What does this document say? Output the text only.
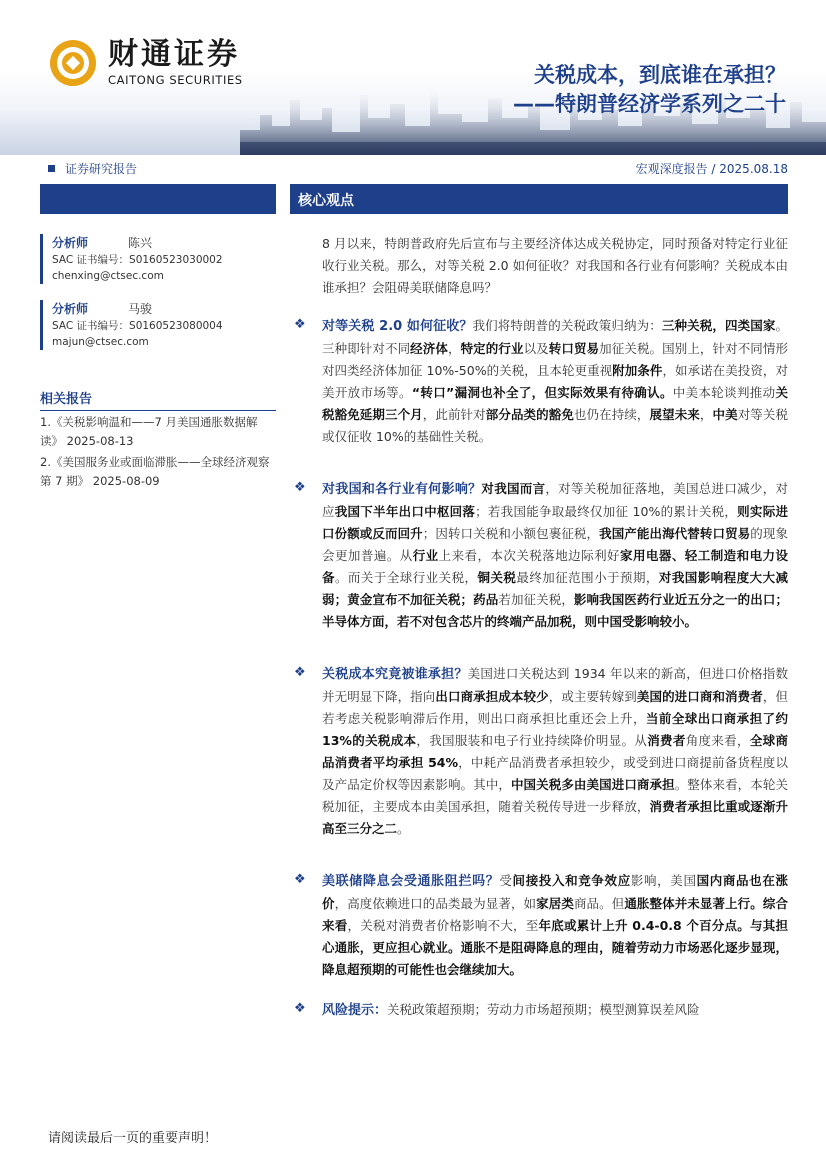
财通证券
CAITONG SECURITIES	关税成本，到底谁在承担？
——特朗普经济学系列之二十
证券研究报告	宏观深度报告 / 2025.08.18
核心观点
分析师	陈兴
SAC 证书编号：S0160523030002
chenxing@ctsec.com
分析师	马骏
SAC 证书编号：S0160523080004
majun@ctsec.com
相关报告
1.《关税影响温和——7 月美国通胀数据解读》 2025-08-13
2.《美国服务业或面临滞胀——全球经济观察第 7 期》 2025-08-09
8 月以来，特朗普政府先后宣布与主要经济体达成关税协定，同时预备对特定行业征收行业关税。那么，对等关税 2.0 如何征收？对我国和各行业有何影响？关税成本由谁承担？会阻碍美联储降息吗？
❖ 对等关税 2.0 如何征收？我们将特朗普的关税政策归纳为：三种关税，四类国家。三种即针对不同经济体，特定的行业以及转口贸易加征关税。国别上，针对不同情形对四类经济体加征 10%-50%的关税，且本轮更重视附加条件，如承诺在美投资，对美开放市场等。“转口”漏洞也补全了，但实际效果有待确认。中美本轮谈判推动关税豁免延期三个月，此前针对部分品类的豁免也仍在持续，展望未来，中美对等关税或仅征收 10%的基础性关税。
❖ 对我国和各行业有何影响？对我国而言，对等关税加征落地，美国总进口减少，对应我国下半年出口中枢回落；若我国能争取最终仅加征 10%的累计关税，则实际进口份额或反而回升；因转口关税和小额包裹征税，我国产能出海代替转口贸易的现象会更加普遍。从行业上来看，本次关税落地边际利好家用电器、轻工制造和电力设备。而关于全球行业关税，铜关税最终加征范围小于预期，对我国影响程度大大减弱；黄金宣布不加征关税；药品若加征关税，影响我国医药行业近五分之一的出口；半导体方面，若不对包含芯片的终端产品加税，则中国受影响较小。
❖ 关税成本究竟被谁承担？美国进口关税达到 1934 年以来的新高，但进口价格指数并无明显下降，指向出口商承担成本较少，或主要转嫁到美国的进口商和消费者，但若考虑关税影响滞后作用，则出口商承担比重还会上升，当前全球出口商承担了约 13%的关税成本，我国服装和电子行业持续降价明显。从消费者角度来看，全球商品消费者平均承担 54%，中耗产品消费者承担较少，或受到进口商提前备货程度以及产品定价权等因素影响。其中，中国关税多由美国进口商承担。整体来看，本轮关税加征，主要成本由美国承担，随着关税传导进一步释放，消费者承担比重或逐渐升高至三分之二。
❖ 美联储降息会受通胀阻拦吗？受间接投入和竞争效应影响，美国国内商品也在涨价，高度依赖进口的品类最为显著，如家居类商品。但通胀整体并未显著上行。综合来看，关税对消费者价格影响不大，至年底或累计上升 0.4-0.8 个百分点。与其担心通胀，更应担心就业。通胀不是阻碍降息的理由，随着劳动力市场恶化逐步显现，降息超预期的可能性也会继续加大。
❖ 风险提示：关税政策超预期；劳动力市场超预期；模型测算误差风险
请阅读最后一页的重要声明！
